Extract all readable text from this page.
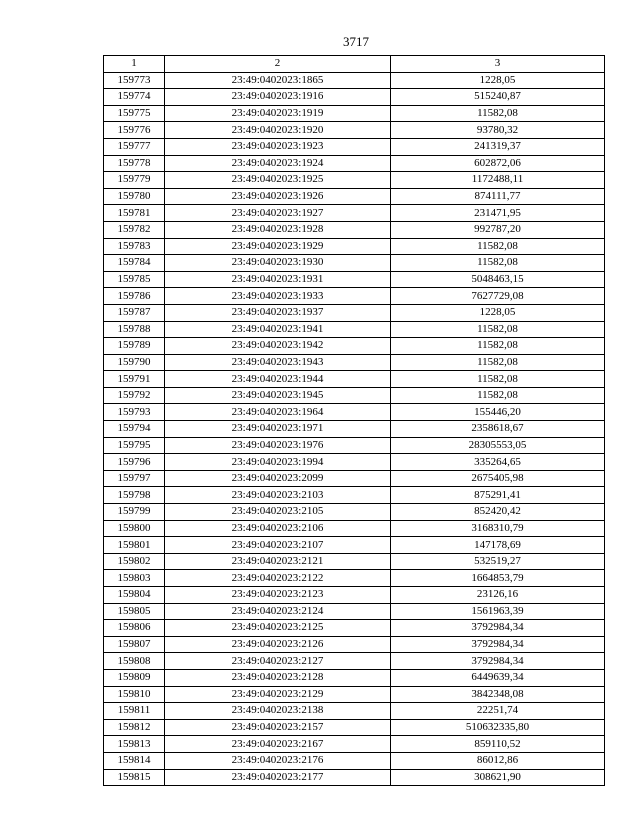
3717
1	2	3
159773	23:49:0402023:1865	1228,05
159774	23:49:0402023:1916	515240,87
159775	23:49:0402023:1919	11582,08
159776	23:49:0402023:1920	93780,32
159777	23:49:0402023:1923	241319,37
159778	23:49:0402023:1924	602872,06
159779	23:49:0402023:1925	1172488,11
159780	23:49:0402023:1926	874111,77
159781	23:49:0402023:1927	231471,95
159782	23:49:0402023:1928	992787,20
159783	23:49:0402023:1929	11582,08
159784	23:49:0402023:1930	11582,08
159785	23:49:0402023:1931	5048463,15
159786	23:49:0402023:1933	7627729,08
159787	23:49:0402023:1937	1228,05
159788	23:49:0402023:1941	11582,08
159789	23:49:0402023:1942	11582,08
159790	23:49:0402023:1943	11582,08
159791	23:49:0402023:1944	11582,08
159792	23:49:0402023:1945	11582,08
159793	23:49:0402023:1964	155446,20
159794	23:49:0402023:1971	2358618,67
159795	23:49:0402023:1976	28305553,05
159796	23:49:0402023:1994	335264,65
159797	23:49:0402023:2099	2675405,98
159798	23:49:0402023:2103	875291,41
159799	23:49:0402023:2105	852420,42
159800	23:49:0402023:2106	3168310,79
159801	23:49:0402023:2107	147178,69
159802	23:49:0402023:2121	532519,27
159803	23:49:0402023:2122	1664853,79
159804	23:49:0402023:2123	23126,16
159805	23:49:0402023:2124	1561963,39
159806	23:49:0402023:2125	3792984,34
159807	23:49:0402023:2126	3792984,34
159808	23:49:0402023:2127	3792984,34
159809	23:49:0402023:2128	6449639,34
159810	23:49:0402023:2129	3842348,08
159811	23:49:0402023:2138	22251,74
159812	23:49:0402023:2157	510632335,80
159813	23:49:0402023:2167	859110,52
159814	23:49:0402023:2176	86012,86
159815	23:49:0402023:2177	308621,90
